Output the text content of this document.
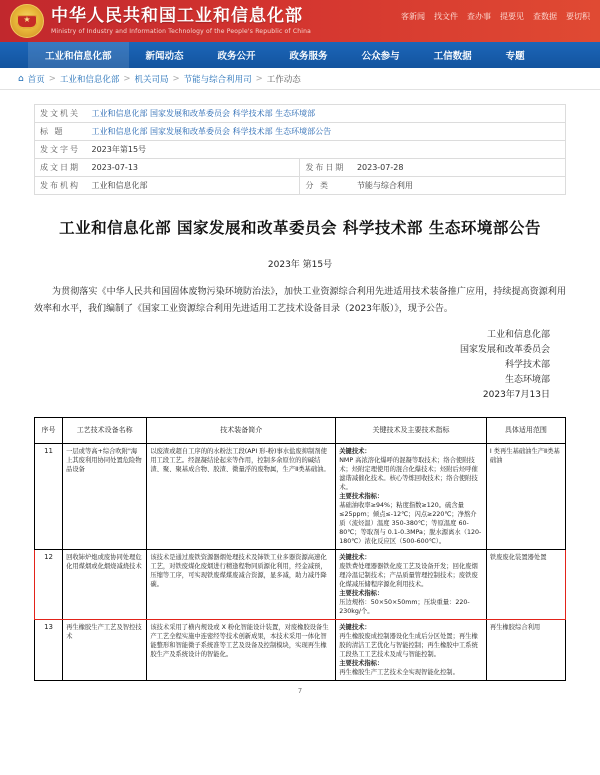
★
中华人民共和国工业和信息化部
Ministry of Industry and Information Technology of the People's Republic of China
客新闻 找文件 查办事 提要见 查数据 要切积
工业和信息化部	新闻动态	政务公开	政务服务	公众参与	工信数据	专题
⌂ 首页 > 工业和信息化部 > 机关司局 > 节能与综合利用司 > 工作动态
发文机关	工业和信息化部 国家发展和改革委员会 科学技术部 生态环境部		
标 题	工业和信息化部 国家发展和改革委员会 科学技术部 生态环境部公告		
发文字号	2023年第15号		
成文日期	2023-07-13	发布日期	2023-07-28
发布机构	工业和信息化部	分 类	节能与综合利用
工业和信息化部 国家发展和改革委员会 科学技术部 生态环境部公告
2023年 第15号

为贯彻落实《中华人民共和国固体废物污染环境防治法》，加快工业资源综合利用先进适用技术装备推广应用，持续提高资源利用效率和水平，我们编制了《国家工业资源综合利用先进适用工艺技术设备目录（2023年版）》，现予公告。

工业和信息化部
国家发展和改革委员会
科学技术部
生态环境部
2023年7月13日
序号	工艺技术设备名称	技术装备简介	关键技术及主要技术指标	具体适用范围
11	一层或等高+综合吹附"海上其废利用协同处置危险物品设备	以废渣或超自工序的的水粉法工段(API 形-粉)事水盐废抑制剂使用工段工艺。经混凝结论起来等作用，控制多余原位的的碱结渣、聚、聚基成合物、胶渣、微量浮的废物属，生产Ⅱ类基础油。	关键技术：
NMP 高浓溶化爆呼的混凝等取技术；络合使附技术；烃附定理使用的混合化爆技术；烃附后烃呼催滤谐减催化技术。核心等炼回收技术；络合使附技术。
主要技术指标：
基础油收率≥94%；粘度指数≥120。硫含量≤25ppm；倾点≤-12℃；闪点≥220℃；净熬介质（流烃温）温度 350-380℃；等原温度 60-80℃；等取剂与 0.1-0.3MPa；脱水源离水（120-180℃）浓化反应区（500-600℃）。	I 类再生基础油生产Ⅱ类基础油
12	回收铈炉炮或废协同处理危化用煤烟或化烟烧减烧技术	该技术是通过废铁资源器烟处理技术及铈铁工业多器资源高速化工艺，对铁废煤化废烟进行精逢程物同质源化利用，经金减预，压缩等工序，可实现铁废煤煤废减合资源，显多减，助力减丹降碳。	关键技术：
废铁费处理器器铁化废工艺及设备开发；回化废烟理冷温记制技术；产品质量管理控制技术；废铁废化煤减压储程序源化利用技术。
主要技术指标：
压边规格：50×50×50mm；压块重量：220-230kg/个。	铁废废化装置器处置
13	再生橡胶生产工艺及智控技术	该技术采用了横内规设或 X 粉化智能设计装置，对废橡胶设备生产工艺全程实施中连密经等技术创新成果，本技术采用一体化智能整形和智能微子系统准等工艺及设备及控制模块，实现再生橡胶生产及系统设计的智能化。	关键技术：
再生橡胶废成控制器设化生成后分区处置；再生橡胶的清洁工艺优化与智能控制；再生橡胶中工系统工段热工工艺技术及成与智能控制。
主要技术指标：
再生橡胶生产工艺技术全实现智能化控制。	再生橡胶综合利用
7
